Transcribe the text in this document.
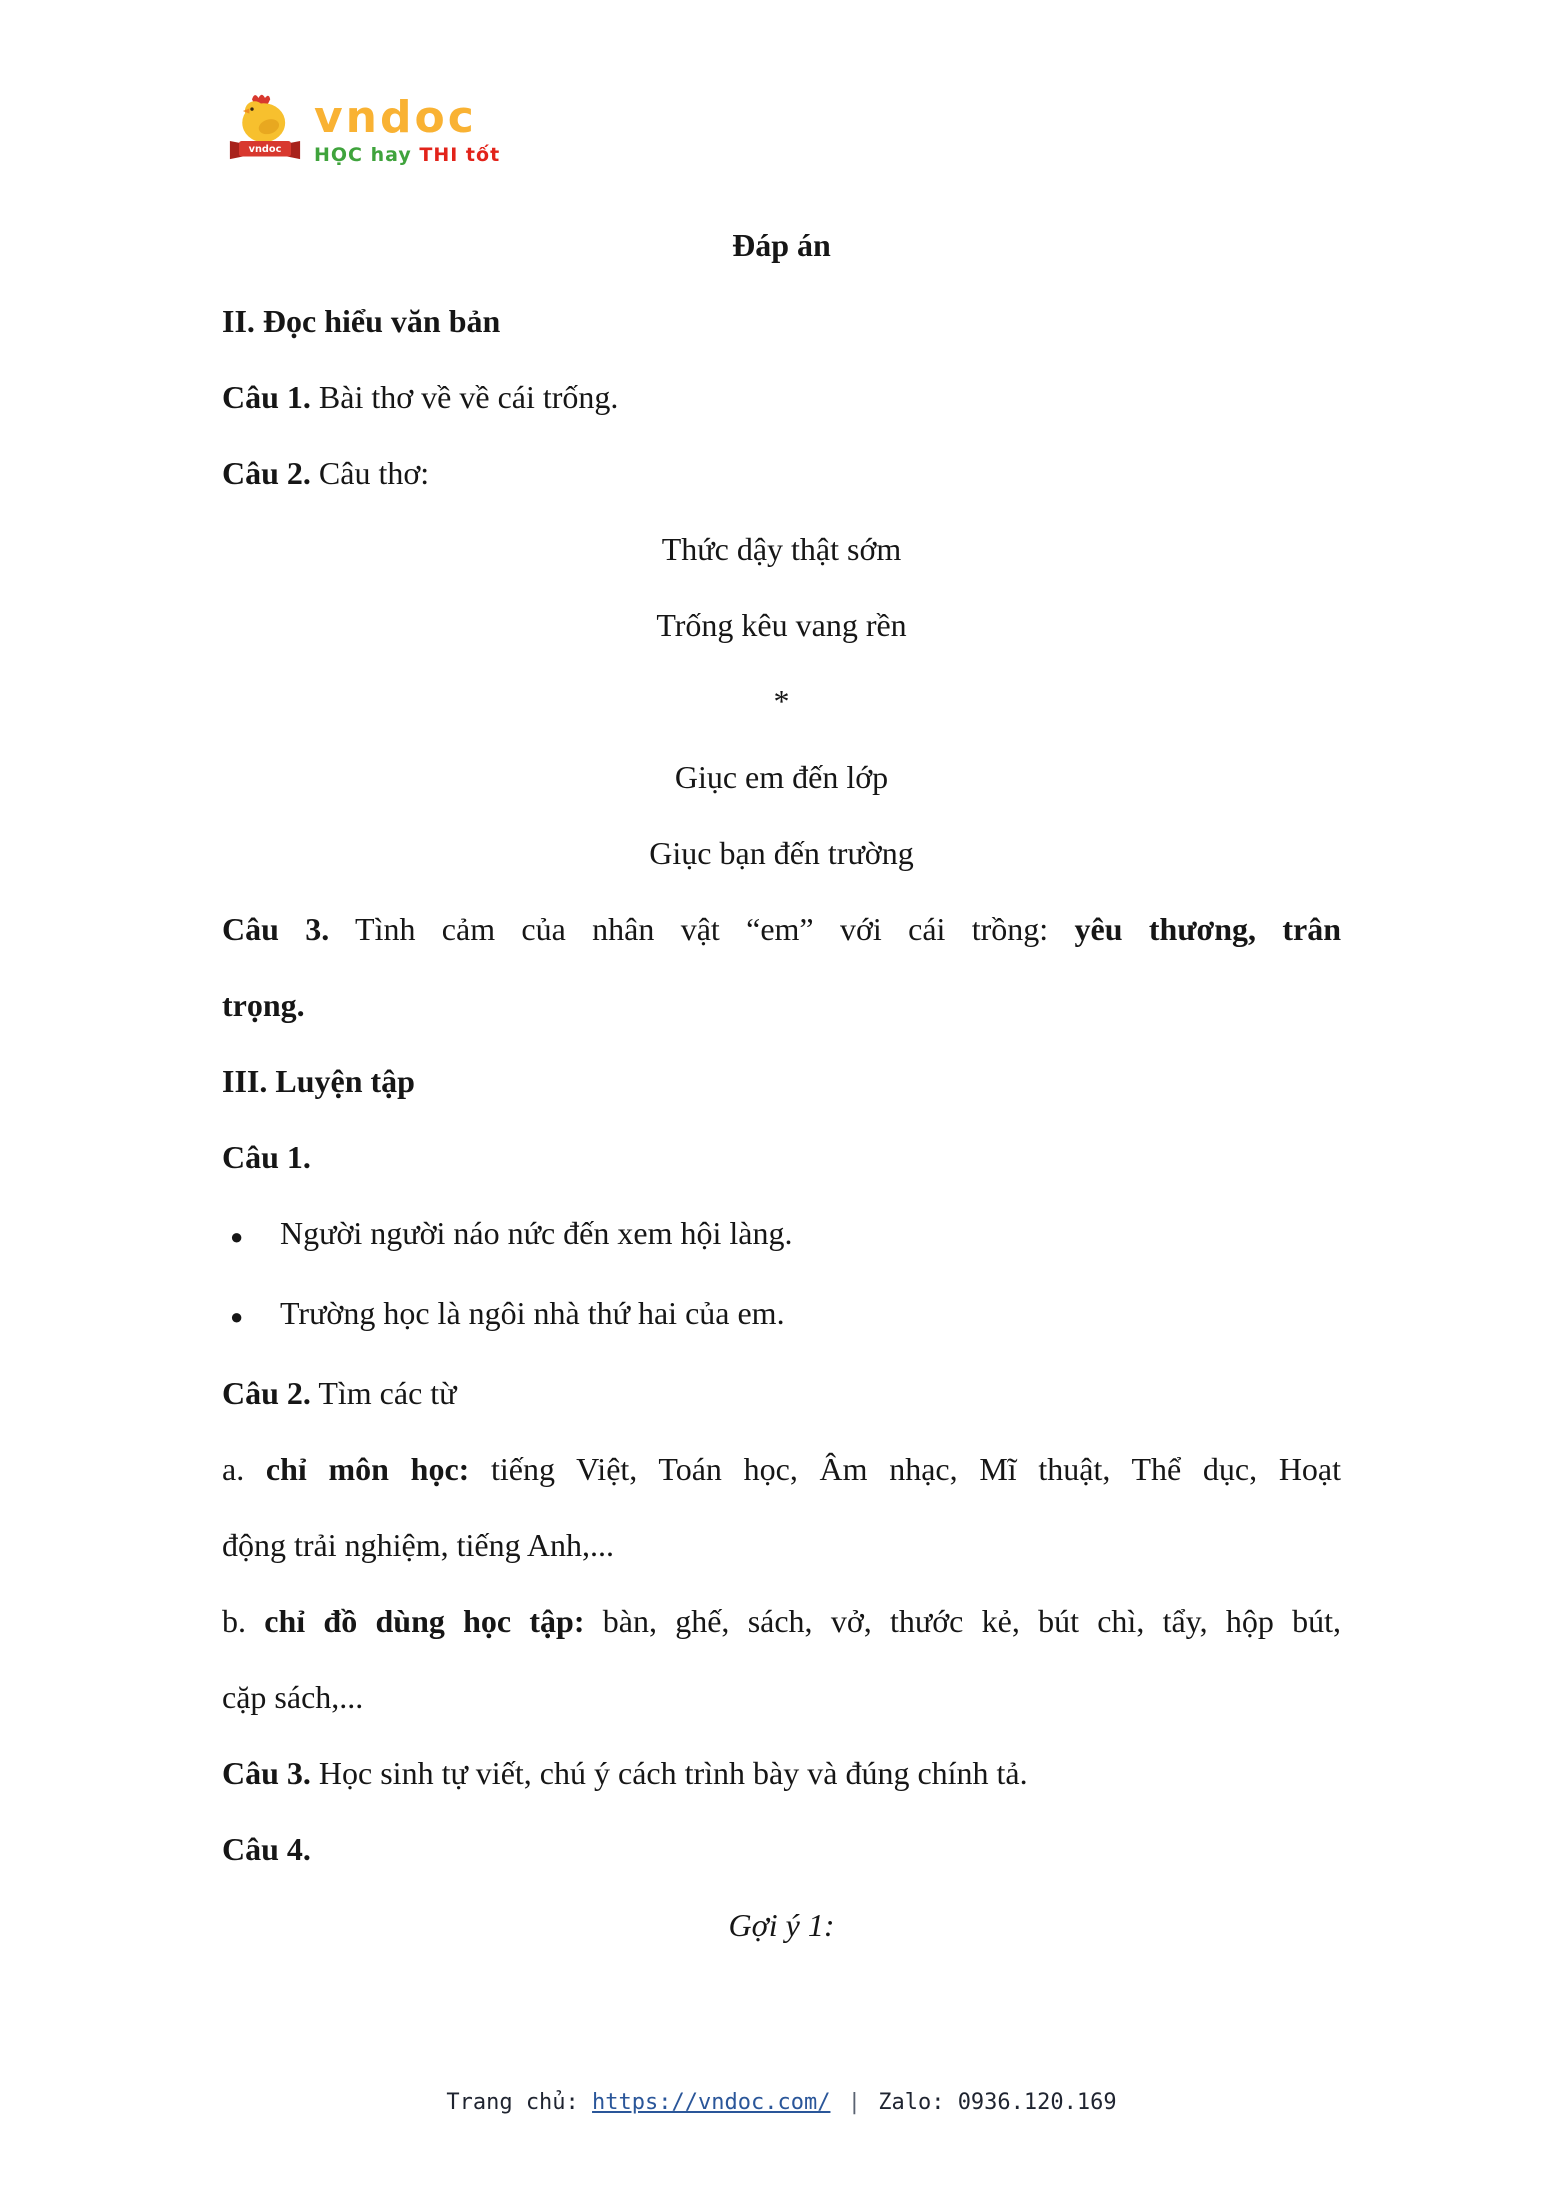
vndoc
vndoc
HỌC hay THI tốt
Đáp án
II. Đọc hiểu văn bản
Câu 1. Bài thơ về về cái trống.
Câu 2. Câu thơ:
Thức dậy thật sớm
Trống kêu vang rền
*
Giục em đến lớp
Giục bạn đến trường
Câu 3. Tình cảm của nhân vật “em” với cái trồng: yêu thương, trân
trọng.
III. Luyện tập
Câu 1.
●	Người người náo nức đến xem hội làng.
●	Trường học là ngôi nhà thứ hai của em.
Câu 2. Tìm các từ
a. chỉ môn học: tiếng Việt, Toán học, Âm nhạc, Mĩ thuật, Thể dục, Hoạt
động trải nghiệm, tiếng Anh,...
b. chỉ đồ dùng học tập: bàn, ghế, sách, vở, thước kẻ, bút chì, tẩy, hộp bút,
cặp sách,...
Câu 3. Học sinh tự viết, chú ý cách trình bày và đúng chính tả.
Câu 4.
Gợi ý 1:
Trang chủ: https://vndoc.com/ | Zalo: 0936.120.169
